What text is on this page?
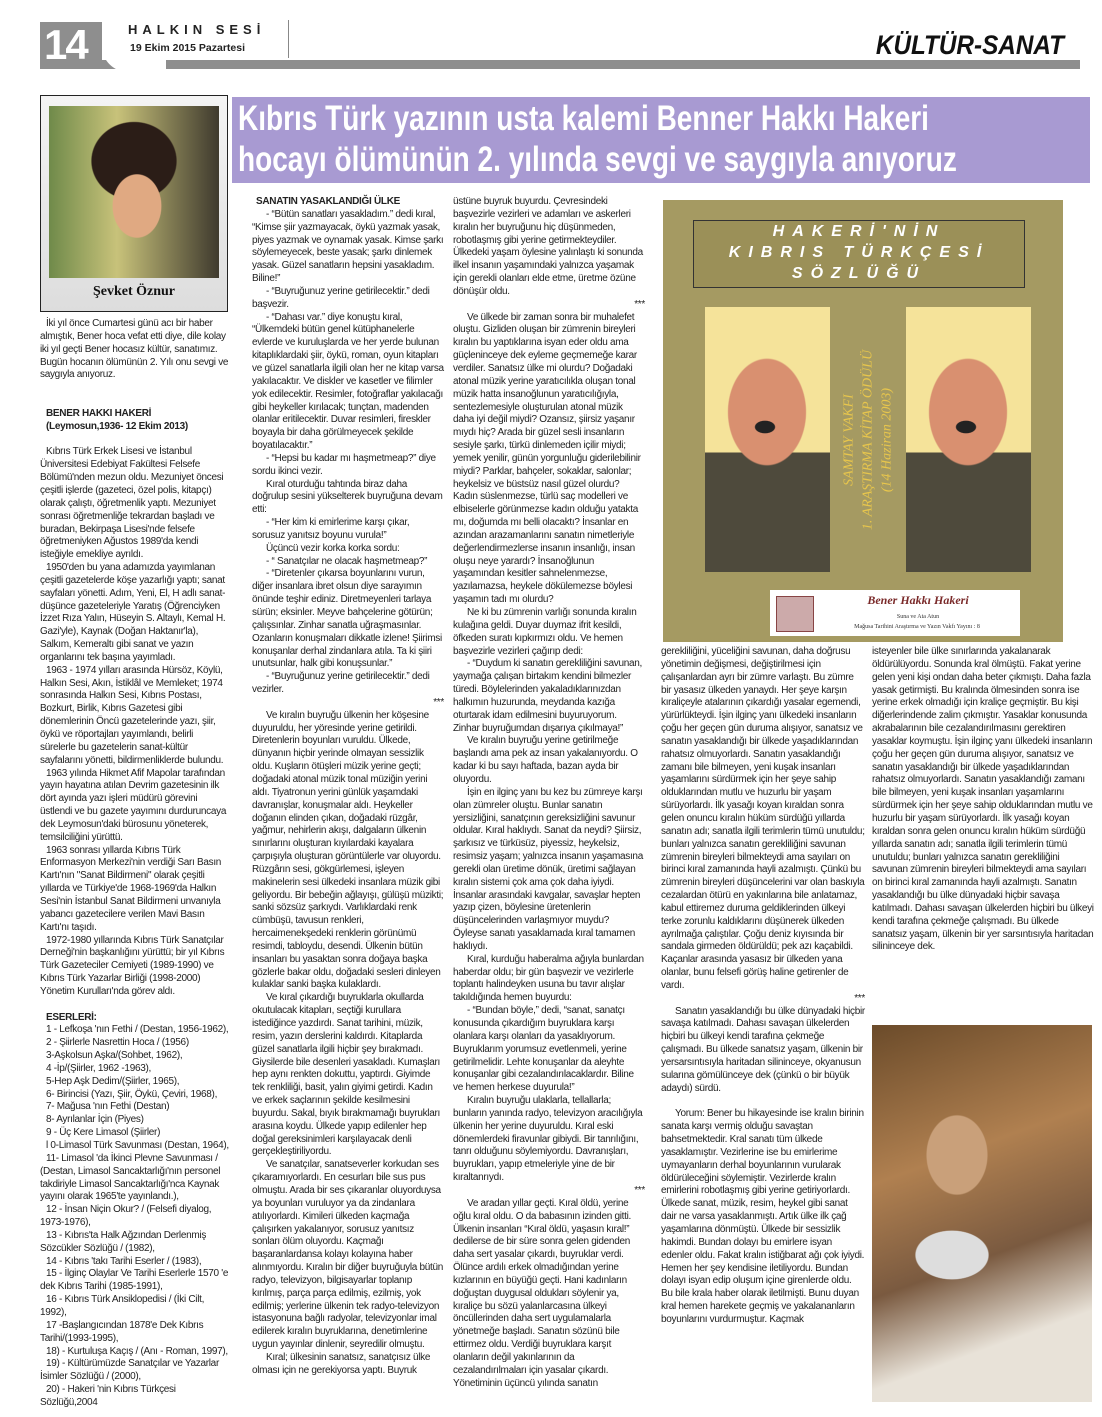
14	HALKIN SESİ
19 Ekim 2015 Pazartesi	KÜLTÜR-SANAT
Kıbrıs Türk yazının usta kalemi Benner Hakkı Hakeri
hocayı ölümünün 2. yılında sevgi ve saygıyla anıyoruz
Şevket Öznur

İki yıl önce Cumartesi günü acı bir haber almıştık, Bener hoca vefat etti diye, dile kolay iki yıl geçti Bener hocasız kültür, sanatımız. Bugün hocanın ölümünün 2. Yılı onu sevgi ve saygıyla anıyoruz.

BENER HAKKI HAKERİ

(Leymosun,1936- 12 Ekim 2013)

Kıbrıs Türk Erkek Lisesi ve İstanbul Üniversitesi Edebiyat Fakültesi Felsefe Bölümü'nden mezun oldu. Mezuniyet öncesi çeşitli işlerde (gazeteci, özel polis, kitapçı) olarak çalıştı, öğretmenlik yaptı. Mezuniyet sonrası öğretmenliğe tekrardan başladı ve buradan, Bekirpaşa Lisesi'nde felsefe öğretmeniyken Ağustos 1989'da kendi isteğiyle emekliye ayrıldı.

1950'den bu yana adamızda yayımlanan çeşitli gazetelerde köşe yazarlığı yaptı; sanat sayfaları yönetti. Adım, Yeni, El, H adlı sanat-düşünce gazeteleriyle Yaratış (Öğrenciyken İzzet Rıza Yalın, Hüseyin S. Altaylı, Kemal H. Gazi'yle), Kaynak (Doğan Haktanır'la), Salkım, Kemeraltı gibi sanat ve yazın organlarını tek başına yayımladı.

1963 - 1974 yılları arasında Hürsöz, Köylü, Halkın Sesi, Akın, İstiklâl ve Memleket; 1974 sonrasında Halkın Sesi, Kıbrıs Postası, Bozkurt, Birlik, Kıbrıs Gazetesi gibi dönemlerinin Öncü gazetelerinde yazı, şiir, öykü ve röportajları yayımlandı, belirli sürelerle bu gazetelerin sanat-kültür sayfalarını yönetti, bildirmenliklerde bulundu.

1963 yılında Hikmet Afif Mapolar tarafından yayın hayatına atılan Devrim gazetesinin ilk dört ayında yazı işleri müdürü görevini üstlendi ve bu gazete yayımını durduruncaya dek Leymosun'daki bürosunu yöneterek, temsilciliğini yürüttü.

1963 sonrası yıllarda Kıbrıs Türk Enformasyon Merkezi'nin verdiği Sarı Basın Kartı'nın "Sanat Bildirmeni" olarak çeşitli yıllarda ve Türkiye'de 1968-1969'da Halkın Sesi'nin İstanbul Sanat Bildirmeni unvanıyla yabancı gazetecilere verilen Mavi Basın Kartı'nı taşıdı.

1972-1980 yıllarında Kıbrıs Türk Sanatçılar Derneği'nin başkanlığını yürüttü; bir yıl Kıbrıs Türk Gazeteciler Cemiyeti (1989-1990) ve Kıbrıs Türk Yazarlar Birliği (1998-2000) Yönetim Kurulları'nda görev aldı.

ESERLERİ:

1 - Lefkoşa 'nın Fethi / (Destan, 1956-1962),

2 - Şiirlerle Nasrettin Hoca / (1956)

3-Aşkolsun Aşka/(Sohbet, 1962),

4 -İp/(Şiirler, 1962 -1963),

5-Hep Aşk Dedim/(Şiirler, 1965),

6- Birincisi (Yazı, Şiir, Öykü, Çeviri, 1968),

7- Mağusa 'nın Fethi (Destan)

8- Ayrılanlar İçin (Piyes)

9 - Üç Kere Limasol (Şiirler)

l 0-Limasol Türk Savunması (Destan, 1964),

11- Limasol 'da İkinci Plevne Savunması / (Destan, Limasol Sancaktarlığı'nın personel takdiriyle Limasol Sancaktarlığı'nca Kaynak yayını olarak 1965'te yayınlandı.),

12 - İnsan Niçin Okur? / (Felsefi diyalog, 1973-1976),

13 - Kıbrıs'ta Halk Ağzından Derlenmiş Sözcükler Sözlüğü / (1982),

14 - Kıbrıs 'takı Tarihi Eserler / (1983),

15 - İlginç Olaylar Ve Tarihi Eserlerle 1570 'e dek Kıbrıs Tarihi (1985-1991),

16 - Kıbrıs Türk Ansiklopedisi / (İki Cilt, 1992),

17 -Başlangıcından 1878'e Dek Kıbrıs Tarihi/(1993-1995),

18) - Kurtuluşa Kaçış / (Anı - Roman, 1997),

19) - Kültürümüzde Sanatçılar ve Yazarlar İsimler Sözlüğü / (2000),

20) - Hakeri 'nin Kıbrıs Türkçesi Sözlüğü,2004

SANATIN YASAKLANDIĞI ÜLKE

- “Bütün sanatları yasakladım.” dedi kıral, “Kimse şiir yazmayacak, öykü yazmak yasak, piyes yazmak ve oynamak yasak. Kimse şarkı söylemeyecek, beste yasak; şarkı dinlemek yasak. Güzel sanatların hepsini yasakladım. Biline!”

- “Buyruğunuz yerine getirilecektir.” dedi başvezir.

- “Dahası var.” diye konuştu kıral, “Ülkemdeki bütün genel kütüphanelerle evlerde ve kuruluşlarda ve her yerde bulunan kitaplıklardaki şiir, öykü, roman, oyun kitapları ve güzel sanatlarla ilgili olan her ne kitap varsa yakılacaktır. Ve diskler ve kasetler ve filimler yok edilecektir. Resimler, fotoğraflar yakılacağı gibi heykeller kırılacak; tunçtan, madenden olanlar eritilecektir. Duvar resimleri, fireskler boyayla bir daha görülmeyecek şekilde boyatılacaktır.”

- “Hepsi bu kadar mı haşmetmeap?” diye sordu ikinci vezir.

Kıral oturduğu tahtında biraz daha doğrulup sesini yükselterek buyruğuna devam etti:

- “Her kim ki emirlerime karşı çıkar, sorusuz yanıtsız boyunu vurula!”

Üçüncü vezir korka korka sordu:

- “ Sanatçılar ne olacak haşmetmeap?”

- “Diretenler çıkarsa boyunlarını vurun, diğer insanlara ibret olsun diye sarayımın önünde teşhir ediniz. Diretmeyenleri tarlaya sürün; eksinler. Meyve bahçelerine götürün; çalışsınlar. Zinhar sanatla uğraşmasınlar. Ozanların konuşmaları dikkatle izlene! Şiirimsi konuşanlar derhal zindanlara atıla. Ta ki şiiri unutsunlar, halk gibi konuşsunlar.”

- “Buyruğunuz yerine getirilecektir.” dedi vezirler.

***

Ve kıralın buyruğu ülkenin her köşesine duyuruldu, her yöresinde yerine getirildi. Diretenlerin boyunları vuruldu. Ülkede, dünyanın hiçbir yerinde olmayan sessizlik oldu. Kuşların ötüşleri müzik yerine geçti; doğadaki atonal müzik tonal müziğin yerini aldı. Tiyatronun yerini günlük yaşamdaki davranışlar, konuşmalar aldı. Heykeller doğanın elinden çıkan, doğadaki rüzgâr, yağmur, nehirlerin akışı, dalgaların ülkenin sınırlarını oluşturan kıyılardaki kayalara çarpışıyla oluşturan görüntülerle var oluyordu. Rüzgârın sesi, gökgürlemesi, işleyen makinelerin sesi ülkedeki insanlara müzik gibi geliyordu. Bir bebeğin ağlayışı, gülüşü müzikti; sanki sözsüz şarkıydı. Varlıklardaki renk cümbüşü, tavusun renkleri, hercaimenekşedeki renklerin görünümü resimdi, tabloydu, desendi. Ülkenin bütün insanları bu yasaktan sonra doğaya başka gözlerle bakar oldu, doğadaki sesleri dinleyen kulaklar sanki başka kulaklardı.

Ve kıral çıkardığı buyruklarla okullarda okutulacak kitapları, seçtiği kurullara istediğince yazdırdı. Sanat tarihini, müzik, resim, yazın derslerini kaldırdı. Kitaplarda güzel sanatlarla ilgili hiçbir şey bırakmadı. Giysilerde bile desenleri yasakladı. Kumaşları hep aynı renkten dokuttu, yaptırdı. Giyimde tek renkliliği, basit, yalın giyimi getirdi. Kadın ve erkek saçlarının şekilde kesilmesini buyurdu. Sakal, bıyık bırakmamağı buyrukları arasına koydu. Ülkede yapıp edilenler hep doğal gereksinimleri karşılayacak denli gerçekleştiriliyordu.

Ve sanatçılar, sanatseverler korkudan ses çıkaramıyorlardı. En cesurları bile sus pus olmuştu. Arada bir ses çıkaranlar oluyorduysa ya boyunları vuruluyor ya da zindanlara atılıyorlardı. Kimileri ülkeden kaçmağa çalışırken yakalanıyor, sorusuz yanıtsız sonları ölüm oluyordu. Kaçmağı başaranlardansa kolayı kolayına haber alınmıyordu. Kıralın bir diğer buyruğuyla bütün radyo, televizyon, bilgisayarlar toplanıp kırılmış, parça parça edilmiş, ezilmiş, yok edilmiş; yerlerine ülkenin tek radyo-televizyon istasyonuna bağlı radyolar, televizyonlar imal edilerek kıralın buyruklarına, denetimlerine uygun yayınlar dinlenir, seyredilir olmuştu.

Kıral; ülkesinin sanatsız, sanatçısız ülke olması için ne gerekiyorsa yaptı. Buyruk

üstüne buyruk buyurdu. Çevresindeki başvezirle vezirleri ve adamları ve askerleri kıralın her buyruğunu hiç düşünmeden, robotlaşmış gibi yerine getirmekteydiler. Ülkedeki yaşam öylesine yalınlaştı ki sonunda ilkel insanın yaşamındaki yalnızca yaşamak için gerekli olanları elde etme, üretme özüne dönüşür oldu.

***

Ve ülkede bir zaman sonra bir muhalefet oluştu. Gizliden oluşan bir zümrenin bireyleri kıralın bu yaptıklarına isyan eder oldu ama güçleninceye dek eyleme geçmemeğe karar verdiler. Sanatsız ülke mi olurdu? Doğadaki atonal müzik yerine yaratıcılıkla oluşan tonal müzik hatta insanoğlunun yaratıcılığıyla, sentezlemesiyle oluşturulan atonal müzik daha iyi değil miydi? Ozansız, şiirsiz yaşanır mıydı hiç? Arada bir güzel sesli insanların sesiyle şarkı, türkü dinlemeden içilir miydi; yemek yenilir, günün yorgunluğu giderilebilinir miydi? Parklar, bahçeler, sokaklar, salonlar; heykelsiz ve büstsüz nasıl güzel olurdu? Kadın süslenmezse, türlü saç modelleri ve elbiselerle görünmezse kadın olduğu yatakta mı, doğumda mı belli olacaktı? İnsanlar en azından arazamanlarını sanatın nimetleriyle değerlendirmezlerse insanın insanlığı, insan oluşu neye yarardı? İnsanoğlunun yaşamından kesitler sahnelenmezse, yazılamazsa, heykele dökülemezse böylesi yaşamın tadı mı olurdu?

Ne ki bu zümrenin varlığı sonunda kıralın kulağına geldi. Duyar duymaz ifrit kesildi, öfkeden suratı kıpkırmızı oldu. Ve hemen başvezirle vezirleri çağırıp dedi:

- “Duydum ki sanatın gerekliliğini savunan, yaymağa çalışan birtakım kendini bilmezler türedi. Böylelerinden yakaladıklarınızdan halkımın huzurunda, meydanda kazığa oturtarak idam edilmesini buyuruyorum. Zinhar buyruğumdan dışarıya çıkılmaya!”

Ve kıralın buyruğu yerine getirilmeğe başlandı ama pek az insan yakalanıyordu. O kadar ki bu sayı haftada, bazan ayda bir oluyordu.

İşin en ilginç yanı bu kez bu zümreye karşı olan zümreler oluştu. Bunlar sanatın yersizliğini, sanatçının gereksizliğini savunur oldular. Kıral haklıydı. Sanat da neydi? Şiirsiz, şarkısız ve türküsüz, piyessiz, heykelsiz, resimsiz yaşam; yalnızca insanın yaşamasına gerekli olan üretime dönük, üretimi sağlayan kıralın sistemi çok ama çok daha iyiydi. İnsanlar arasındaki kavgalar, savaşlar hepten yazıp çizen, böylesine üretenlerin düşüncelerinden varlaşmıyor muydu? Öyleyse sanatı yasaklamada kıral tamamen haklıydı.

Kıral, kurduğu haberalma ağıyla bunlardan haberdar oldu; bir gün başvezir ve vezirlerle toplantı halindeyken usuna bu tavır alışlar takıldığında hemen buyurdu:

- “Bundan böyle,” dedi, “sanat, sanatçı konusunda çıkardığım buyruklara karşı olanlara karşı olanları da yasaklıyorum. Buyruklarım yorumsuz evetlenmeli, yerine getirilmelidir. Lehte konuşanlar da aleyhte konuşanlar gibi cezalandırılacaklardır. Biline ve hemen herkese duyurula!”

Kıralın buyruğu ulaklarla, tellallarla; bunların yanında radyo, televizyon aracılığıyla ülkenin her yerine duyuruldu. Kıral eski dönemlerdeki firavunlar gibiydi. Bir tanrılığını, tanrı olduğunu söylemiyordu. Davranışları, buyrukları, yapıp etmeleriyle yine de bir kıraltanrıydı.

***

Ve aradan yıllar geçti. Kıral öldü, yerine oğlu kıral oldu. O da babasının izinden gitti. Ülkenin insanları “Kıral öldü, yaşasın kıral!” dedilerse de bir süre sonra gelen gidenden daha sert yasalar çıkardı, buyruklar verdi. Ölünce ardılı erkek olmadığından yerine kızlarının en büyüğü geçti. Hani kadınların doğuştan duygusal oldukları söylenir ya, kıraliçe bu sözü yalanlarcasına ülkeyi öncüllerinden daha sert uygulamalarla yönetmeğe başladı. Sanatın sözünü bile ettirmez oldu. Verdiği buyruklara karşıt olanların değil yakınlarının da cezalandırılmaları için yasalar çıkardı. Yönetiminin üçüncü yılında sanatın

HAKERİ'NİN
KIBRIS TÜRKÇESİ
SÖZLÜĞÜ
SAMTAY VAKFI 1. ARAŞTIRMA KİTAP ÖDÜLÜ (14 Haziran 2003)
Bener Hakkı Hakeri
Suna ve Ata Atun
Mağusa Tarihini Araştırma ve Yazın Vakfı Yayını : 8

gerekliliğini, yüceliğini savunan, daha doğrusu yönetimin değişmesi, değiştirilmesi için çalışanlardan ayrı bir zümre varlaştı. Bu zümre bir yasasız ülkeden yanaydı. Her şeye karşın kıraliçeyle atalarının çıkardığı yasalar egemendi, yürürlükteydi. İşin ilginç yanı ülkedeki insanların çoğu her geçen gün duruma alışıyor, sanatsız ve sanatın yasaklandığı bir ülkede yaşadıklarından rahatsız olmuyorlardı. Sanatın yasaklandığı zamanı bile bilmeyen, yeni kuşak insanları yaşamlarını sürdürmek için her şeye sahip olduklarından mutlu ve huzurlu bir yaşam sürüyorlardı. İlk yasağı koyan kıraldan sonra gelen onuncu kıralın hüküm sürdüğü yıllarda sanatın adı; sanatla ilgili terimlerin tümü unutuldu; bunları yalnızca sanatın gerekliliğini savunan zümrenin bireyleri bilmekteydi ama sayıları on birinci kıral zamanında hayli azalmıştı. Çünkü bu zümrenin bireyleri düşüncelerini var olan baskıyla cezalardan ötürü en yakınlarına bile anlatamaz, kabul ettiremez duruma geldiklerinden ülkeyi terke zorunlu kaldıklarını düşünerek ülkeden ayrılmağa çalıştılar. Çoğu deniz kıyısında bir sandala girmeden öldürüldü; pek azı kaçabildi. Kaçanlar arasında yasasız bir ülkeden yana olanlar, bunu felsefi görüş haline getirenler de vardı.

***

Sanatın yasaklandığı bu ülke dünyadaki hiçbir savaşa katılmadı. Dahası savaşan ülkelerden hiçbiri bu ülkeyi kendi tarafına çekmeğe çalışmadı. Bu ülkede sanatsız yaşam, ülkenin bir yersarsıntısıyla haritadan silininceye, okyanusun sularına gömülünceye dek (çünkü o bir büyük adaydı) sürdü.

Yorum: Bener bu hikayesinde ise kralın birinin sanata karşı vermiş olduğu savaştan bahsetmektedir. Kral sanatı tüm ülkede yasaklamıştır. Vezirlerine ise bu emirlerime uymayanların derhal boyunlarının vurularak öldürüleceğini söylemiştir. Vezirlerde kralın emirlerini robotlaşmış gibi yerine getiriyorlardı. Ülkede sanat, müzik, resim, heykel gibi sanat dair ne varsa yasaklanmıştı. Artık ülke ilk çağ yaşamlarına dönmüştü. Ülkede bir sessizlik hakimdi. Bundan dolayı bu emirlere isyan edenler oldu. Fakat kralın istiğbarat ağı çok iyiydi. Hemen her şey kendisine iletiliyordu. Bundan dolayı isyan edip oluşum içine girenlerde oldu. Bu bile krala haber olarak iletilmişti. Bunu duyan kral hemen harekete geçmiş ve yakalananların boyunlarını vurdurmuştur. Kaçmak

isteyenler bile ülke sınırlarında yakalanarak öldürülüyordu. Sonunda kral ölmüştü. Fakat yerine gelen yeni kişi ondan daha beter çıkmıştı. Daha fazla yasak getirmişti. Bu kralında ölmesinden sonra ise yerine erkek olmadığı için kraliçe geçmiştir. Bu kişi diğerlerindende zalim çıkmıştır. Yasaklar konusunda akrabalarının bile cezalandırılmasını gerektiren yasaklar koymuştu. İşin ilginç yanı ülkedeki insanların çoğu her geçen gün duruma alışıyor, sanatsız ve sanatın yasaklandığı bir ülkede yaşadıklarından rahatsız olmuyorlardı. Sanatın yasaklandığı zamanı bile bilmeyen, yeni kuşak insanları yaşamlarını sürdürmek için her şeye sahip olduklarından mutlu ve huzurlu bir yaşam sürüyorlardı. İlk yasağı koyan kıraldan sonra gelen onuncu kıralın hüküm sürdüğü yıllarda sanatın adı; sanatla ilgili terimlerin tümü unutuldu; bunları yalnızca sanatın gerekliliğini savunan zümrenin bireyleri bilmekteydi ama sayıları on birinci kıral zamanında hayli azalmıştı. Sanatın yasaklandığı bu ülke dünyadaki hiçbir savaşa katılmadı. Dahası savaşan ülkelerden hiçbiri bu ülkeyi kendi tarafına çekmeğe çalışmadı. Bu ülkede sanatsız yaşam, ülkenin bir yer sarsıntısıyla haritadan silininceye dek.
